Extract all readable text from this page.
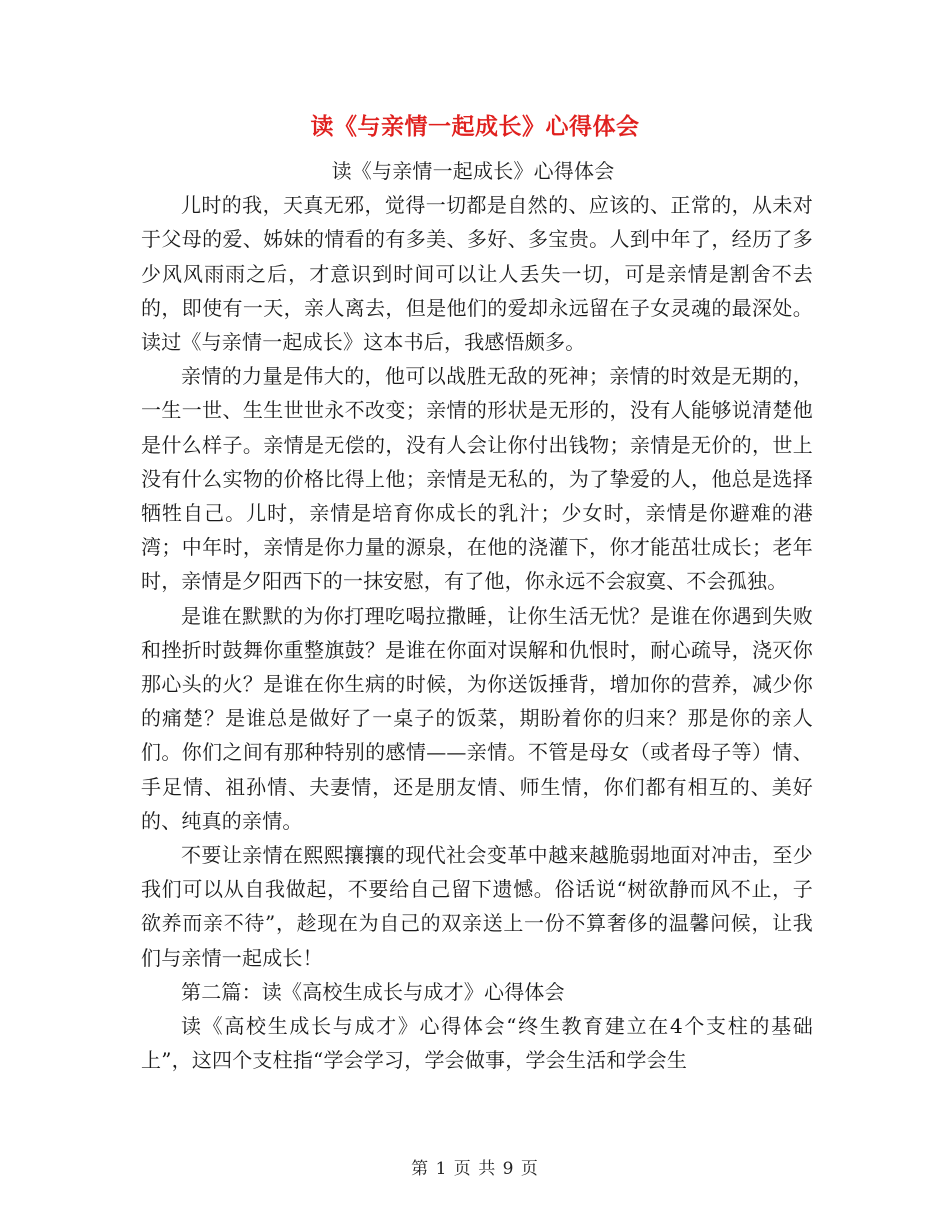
读《与亲情一起成长》心得体会

读《与亲情一起成长》心得体会

儿时的我，天真无邪，觉得一切都是自然的、应该的、正常的，从未对于父母的爱、姊妹的情看的有多美、多好、多宝贵。人到中年了，经历了多少风风雨雨之后，才意识到时间可以让人丢失一切，可是亲情是割舍不去的，即使有一天，亲人离去，但是他们的爱却永远留在子女灵魂的最深处。读过《与亲情一起成长》这本书后，我感悟颇多。

亲情的力量是伟大的，他可以战胜无敌的死神；亲情的时效是无期的，一生一世、生生世世永不改变；亲情的形状是无形的，没有人能够说清楚他是什么样子。亲情是无偿的，没有人会让你付出钱物；亲情是无价的，世上没有什么实物的价格比得上他；亲情是无私的，为了挚爱的人，他总是选择牺牲自己。儿时，亲情是培育你成长的乳汁；少女时，亲情是你避难的港湾；中年时，亲情是你力量的源泉，在他的浇灌下，你才能茁壮成长；老年时，亲情是夕阳西下的一抹安慰，有了他，你永远不会寂寞、不会孤独。

是谁在默默的为你打理吃喝拉撒睡，让你生活无忧？是谁在你遇到失败和挫折时鼓舞你重整旗鼓？是谁在你面对误解和仇恨时，耐心疏导，浇灭你那心头的火？是谁在你生病的时候，为你送饭捶背，增加你的营养，减少你的痛楚？是谁总是做好了一桌子的饭菜，期盼着你的归来？那是你的亲人们。你们之间有那种特别的感情——亲情。不管是母女（或者母子等）情、手足情、祖孙情、夫妻情，还是朋友情、师生情，你们都有相互的、美好的、纯真的亲情。

不要让亲情在熙熙攘攘的现代社会变革中越来越脆弱地面对冲击，至少我们可以从自我做起，不要给自己留下遗憾。俗话说“树欲静而风不止，子欲养而亲不待”，趁现在为自己的双亲送上一份不算奢侈的温馨问候，让我们与亲情一起成长！

第二篇：读《高校生成长与成才》心得体会

读《高校生成长与成才》心得体会“终生教育建立在4个支柱的基础上”，这四个支柱指“学会学习，学会做事，学会生活和学会生

第 1 页 共 9 页
